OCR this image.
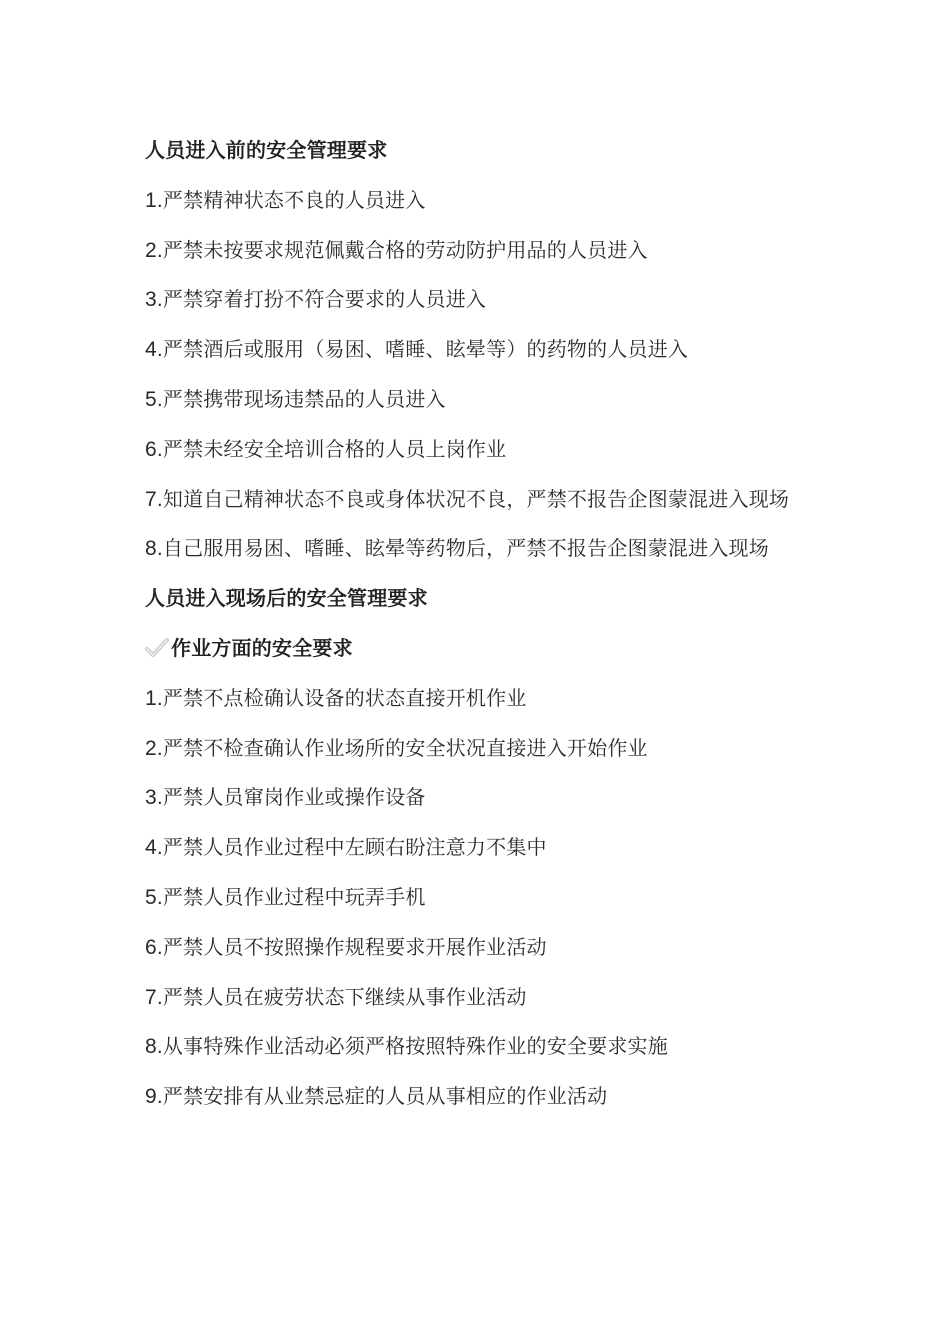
人员进入前的安全管理要求
1.严禁精神状态不良的人员进入
2.严禁未按要求规范佩戴合格的劳动防护用品的人员进入
3.严禁穿着打扮不符合要求的人员进入
4.严禁酒后或服用（易困、嗜睡、眩晕等）的药物的人员进入
5.严禁携带现场违禁品的人员进入
6.严禁未经安全培训合格的人员上岗作业
7.知道自己精神状态不良或身体状况不良，严禁不报告企图蒙混进入现场
8.自己服用易困、嗜睡、眩晕等药物后，严禁不报告企图蒙混进入现场
人员进入现场后的安全管理要求
作业方面的安全要求
1.严禁不点检确认设备的状态直接开机作业
2.严禁不检查确认作业场所的安全状况直接进入开始作业
3.严禁人员窜岗作业或操作设备
4.严禁人员作业过程中左顾右盼注意力不集中
5.严禁人员作业过程中玩弄手机
6.严禁人员不按照操作规程要求开展作业活动
7.严禁人员在疲劳状态下继续从事作业活动
8.从事特殊作业活动必须严格按照特殊作业的安全要求实施
9.严禁安排有从业禁忌症的人员从事相应的作业活动
